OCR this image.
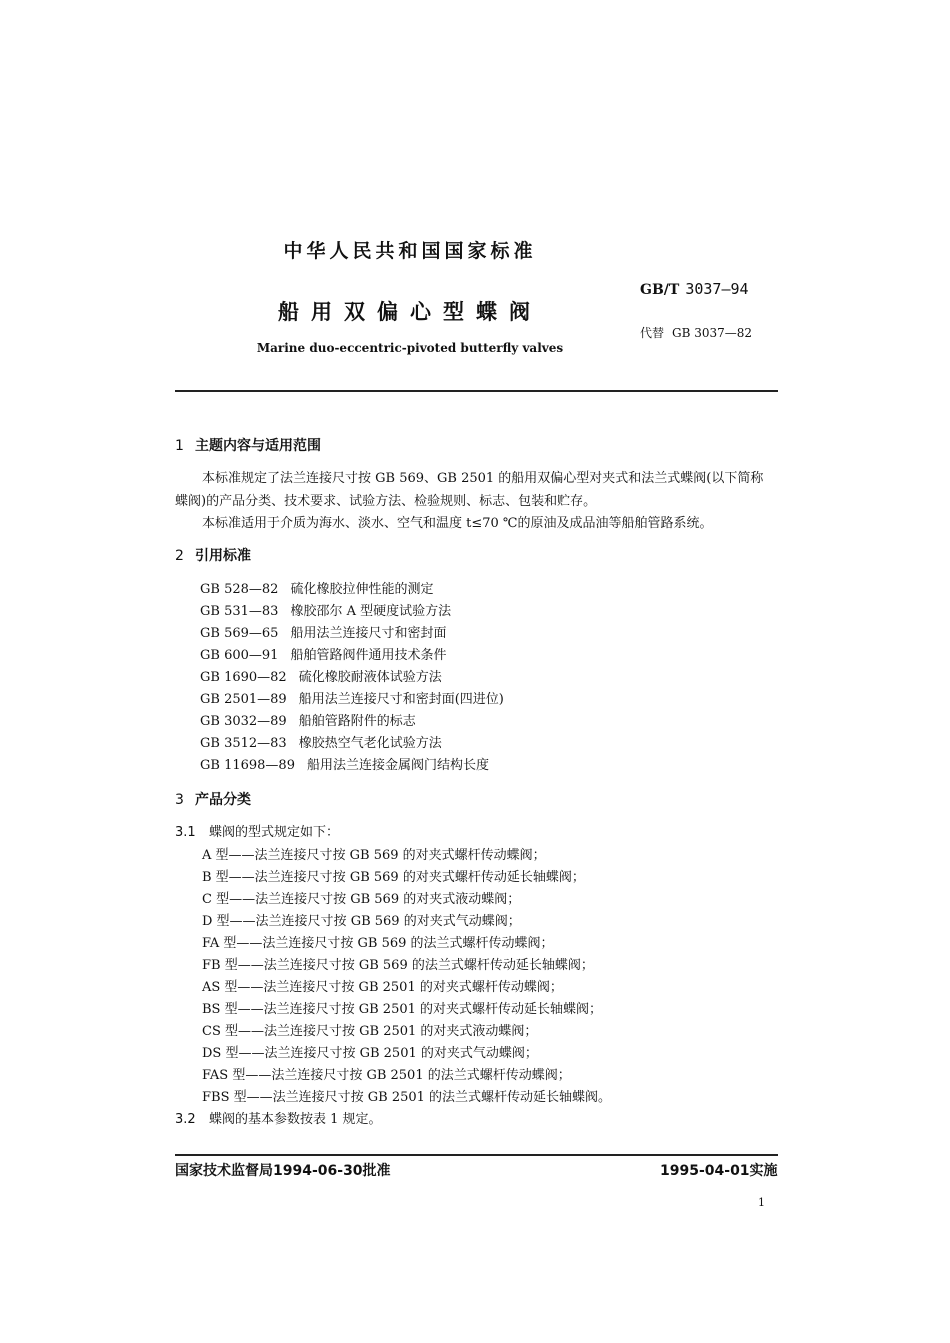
中华人民共和国国家标准
GB/T 3037—94
船用双偏心型蝶阀
代替 GB 3037—82
Marine duo-eccentric-pivoted butterfly valves
1 主题内容与适用范围
本标准规定了法兰连接尺寸按 GB 569、GB 2501 的船用双偏心型对夹式和法兰式蝶阀(以下简称
蝶阀)的产品分类、技术要求、试验方法、检验规则、标志、包装和贮存。
本标准适用于介质为海水、淡水、空气和温度 t≤70 ℃的原油及成品油等船舶管路系统。
2 引用标准
GB 528—82 硫化橡胶拉伸性能的测定
GB 531—83 橡胶邵尔 A 型硬度试验方法
GB 569—65 船用法兰连接尺寸和密封面
GB 600—91 船舶管路阀件通用技术条件
GB 1690—82 硫化橡胶耐液体试验方法
GB 2501—89 船用法兰连接尺寸和密封面(四进位)
GB 3032—89 船舶管路附件的标志
GB 3512—83 橡胶热空气老化试验方法
GB 11698—89 船用法兰连接金属阀门结构长度
3 产品分类
3.1 蝶阀的型式规定如下：
A 型——法兰连接尺寸按 GB 569 的对夹式螺杆传动蝶阀；
B 型——法兰连接尺寸按 GB 569 的对夹式螺杆传动延长轴蝶阀；
C 型——法兰连接尺寸按 GB 569 的对夹式液动蝶阀；
D 型——法兰连接尺寸按 GB 569 的对夹式气动蝶阀；
FA 型——法兰连接尺寸按 GB 569 的法兰式螺杆传动蝶阀；
FB 型——法兰连接尺寸按 GB 569 的法兰式螺杆传动延长轴蝶阀；
AS 型——法兰连接尺寸按 GB 2501 的对夹式螺杆传动蝶阀；
BS 型——法兰连接尺寸按 GB 2501 的对夹式螺杆传动延长轴蝶阀；
CS 型——法兰连接尺寸按 GB 2501 的对夹式液动蝶阀；
DS 型——法兰连接尺寸按 GB 2501 的对夹式气动蝶阀；
FAS 型——法兰连接尺寸按 GB 2501 的法兰式螺杆传动蝶阀；
FBS 型——法兰连接尺寸按 GB 2501 的法兰式螺杆传动延长轴蝶阀。
3.2 蝶阀的基本参数按表 1 规定。
国家技术监督局1994-06-30批准	1995-04-01实施
1
